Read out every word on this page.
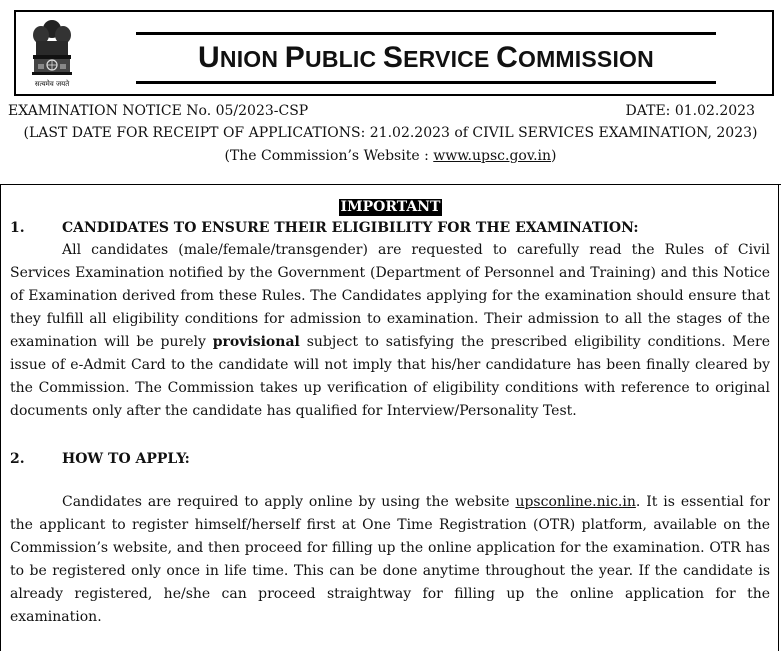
सत्यमेव जयते
UNION PUBLIC SERVICE COMMISSION
EXAMINATION NOTICE No. 05/2023-CSP	DATE: 01.02.2023
(LAST DATE FOR RECEIPT OF APPLICATIONS: 21.02.2023 of CIVIL SERVICES EXAMINATION, 2023)
(The Commission’s Website : www.upsc.gov.in)
IMPORTANT
1.	CANDIDATES TO ENSURE THEIR ELIGIBILITY FOR THE EXAMINATION:

All candidates (male/female/transgender) are requested to carefully read the Rules of Civil Services Examination notified by the Government (Department of Personnel and Training) and this Notice of Examination derived from these Rules. The Candidates applying for the examination should ensure that they fulfill all eligibility conditions for admission to examination. Their admission to all the stages of the examination will be purely provisional subject to satisfying the prescribed eligibility conditions. Mere issue of e-Admit Card to the candidate will not imply that his/her candidature has been finally cleared by the Commission. The Commission takes up verification of eligibility conditions with reference to original documents only after the candidate has qualified for Interview/Personality Test.

2.	HOW TO APPLY:

Candidates are required to apply online by using the website upsconline.nic.in. It is essential for the applicant to register himself/herself first at One Time Registration (OTR) platform, available on the Commission’s website, and then proceed for filling up the online application for the examination. OTR has to be registered only once in life time. This can be done anytime throughout the year. If the candidate is already registered, he/she can proceed straightway for filling up the online application for the examination.
